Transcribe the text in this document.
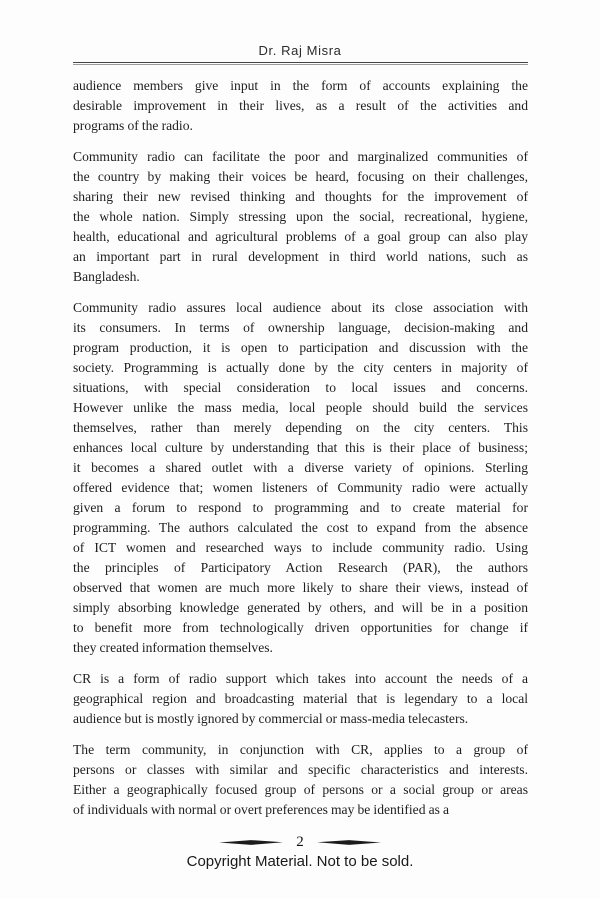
Dr. Raj Misra
audience members give input in the form of accounts explaining the
desirable improvement in their lives, as a result of the activities and
programs of the radio.
Community radio can facilitate the poor and marginalized communities of
the country by making their voices be heard, focusing on their challenges,
sharing their new revised thinking and thoughts for the improvement of
the whole nation. Simply stressing upon the social, recreational, hygiene,
health, educational and agricultural problems of a goal group can also play
an important part in rural development in third world nations, such as
Bangladesh.
Community radio assures local audience about its close association with
its consumers. In terms of ownership language, decision-making and
program production, it is open to participation and discussion with the
society. Programming is actually done by the city centers in majority of
situations, with special consideration to local issues and concerns.
However unlike the mass media, local people should build the services
themselves, rather than merely depending on the city centers. This
enhances local culture by understanding that this is their place of business;
it becomes a shared outlet with a diverse variety of opinions. Sterling
offered evidence that; women listeners of Community radio were actually
given a forum to respond to programming and to create material for
programming. The authors calculated the cost to expand from the absence
of ICT women and researched ways to include community radio. Using
the principles of Participatory Action Research (PAR), the authors
observed that women are much more likely to share their views, instead of
simply absorbing knowledge generated by others, and will be in a position
to benefit more from technologically driven opportunities for change if
they created information themselves.
CR is a form of radio support which takes into account the needs of a
geographical region and broadcasting material that is legendary to a local
audience but is mostly ignored by commercial or mass-media telecasters.
The term community, in conjunction with CR, applies to a group of
persons or classes with similar and specific characteristics and interests.
Either a geographically focused group of persons or a social group or areas
of individuals with normal or overt preferences may be identified as a
2
Copyright Material. Not to be sold.
